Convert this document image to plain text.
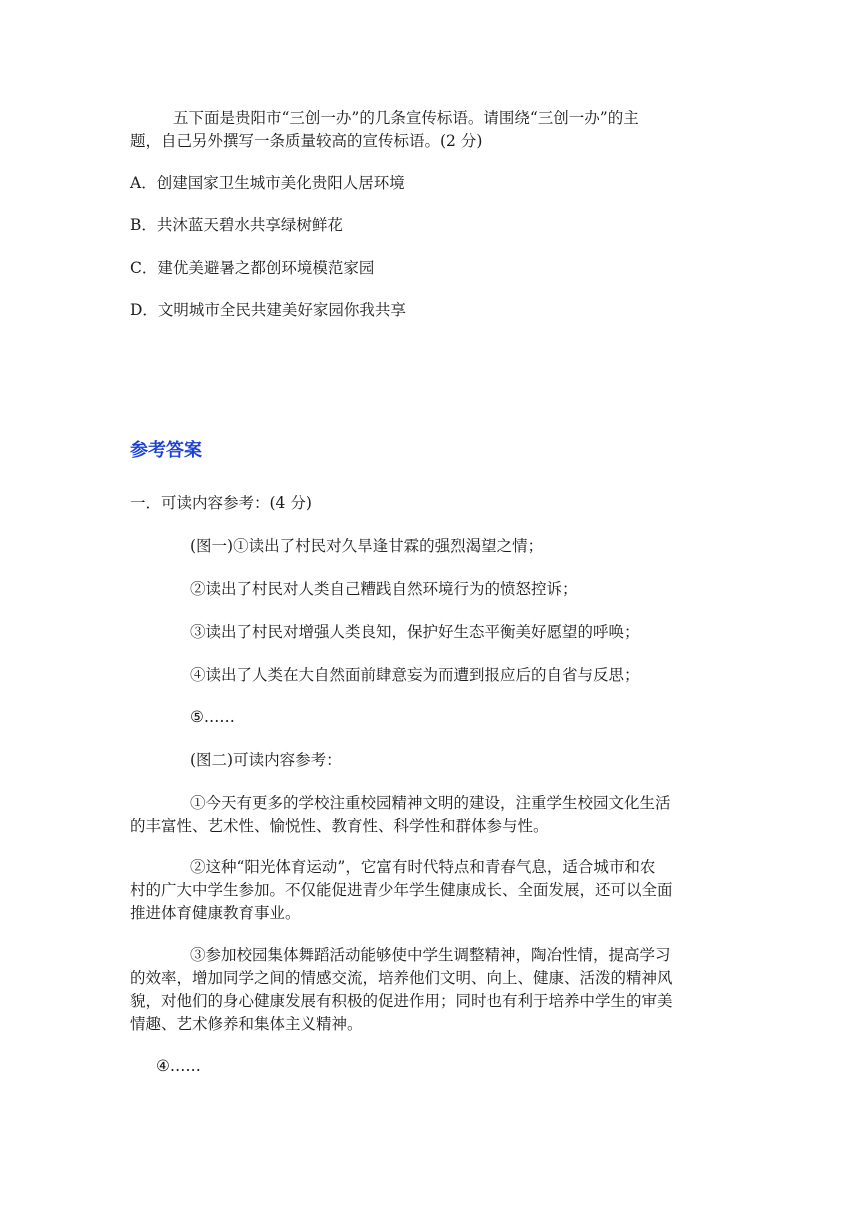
五下面是贵阳市“三创一办”的几条宣传标语。请围绕“三创一办”的主

题，自己另外撰写一条质量较高的宣传标语。(2 分)

A．创建国家卫生城市美化贵阳人居环境

B．共沐蓝天碧水共享绿树鲜花

C．建优美避暑之都创环境模范家园

D．文明城市全民共建美好家园你我共享

参考答案

一．可读内容参考：(4 分)

(图一)①读出了村民对久旱逢甘霖的强烈渴望之情；

②读出了村民对人类自己糟践自然环境行为的愤怒控诉；

③读出了村民对增强人类良知，保护好生态平衡美好愿望的呼唤；

④读出了人类在大自然面前肆意妄为而遭到报应后的自省与反思；

⑤……

(图二)可读内容参考：

①今天有更多的学校注重校园精神文明的建设，注重学生校园文化生活

的丰富性、艺术性、愉悦性、教育性、科学性和群体参与性。

②这种“阳光体育运动”，它富有时代特点和青春气息，适合城市和农

村的广大中学生参加。不仅能促进青少年学生健康成长、全面发展，还可以全面

推进体育健康教育事业。

③参加校园集体舞蹈活动能够使中学生调整精神，陶冶性情，提高学习

的效率，增加同学之间的情感交流，培养他们文明、向上、健康、活泼的精神风

貌，对他们的身心健康发展有积极的促进作用；同时也有利于培养中学生的审美

情趣、艺术修养和集体主义精神。

④……
